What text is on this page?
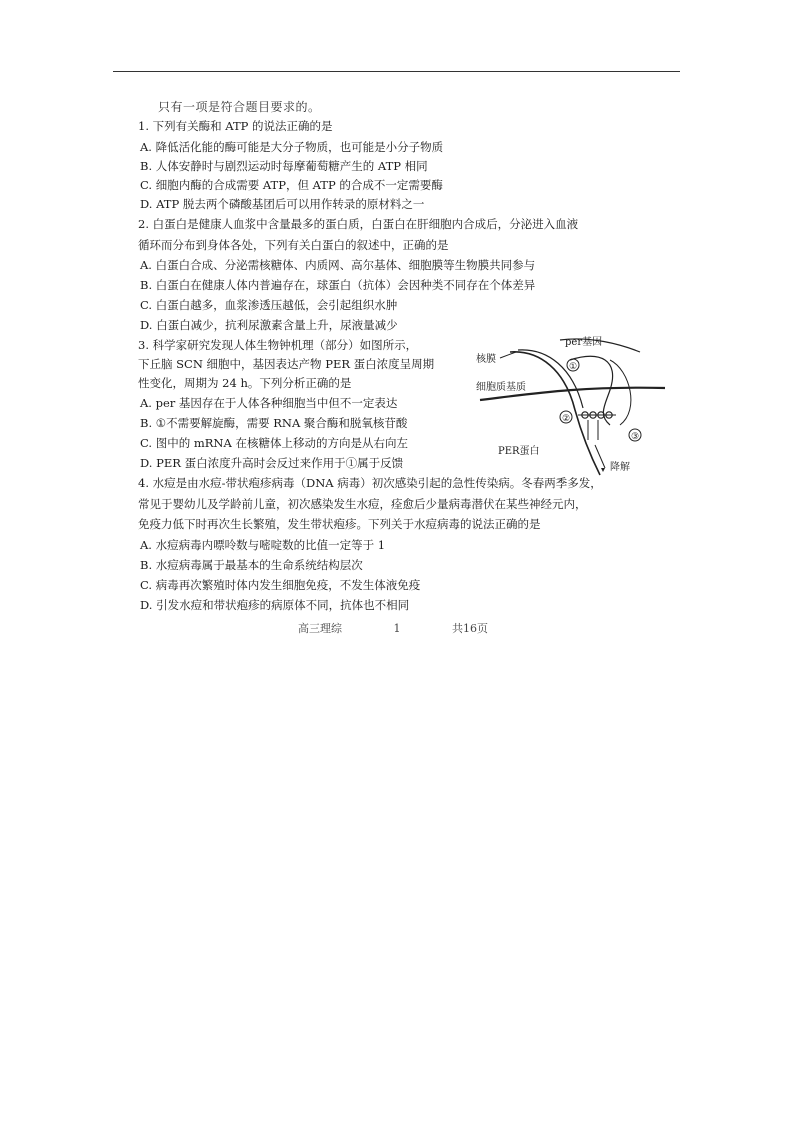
只有一项是符合题目要求的。
1. 下列有关酶和 ATP 的说法正确的是
A. 降低活化能的酶可能是大分子物质，也可能是小分子物质
B. 人体安静时与剧烈运动时每摩葡萄糖产生的 ATP 相同
C. 细胞内酶的合成需要 ATP，但 ATP 的合成不一定需要酶
D. ATP 脱去两个磷酸基团后可以用作转录的原材料之一
2. 白蛋白是健康人血浆中含量最多的蛋白质，白蛋白在肝细胞内合成后，分泌进入血液
循环而分布到身体各处，下列有关白蛋白的叙述中，正确的是
A. 白蛋白合成、分泌需核糖体、内质网、高尔基体、细胞膜等生物膜共同参与
B. 白蛋白在健康人体内普遍存在，球蛋白（抗体）会因种类不同存在个体差异
C. 白蛋白越多，血浆渗透压越低，会引起组织水肿
D. 白蛋白减少，抗利尿激素含量上升，尿液量减少
3. 科学家研究发现人体生物钟机理（部分）如图所示，
下丘脑 SCN 细胞中，基因表达产物 PER 蛋白浓度呈周期
性变化，周期为 24 h。下列分析正确的是
A. per 基因存在于人体各种细胞当中但不一定表达
B. ①不需要解旋酶，需要 RNA 聚合酶和脱氧核苷酸
C. 图中的 mRNA 在核糖体上移动的方向是从右向左
D. PER 蛋白浓度升高时会反过来作用于①属于反馈
per基因
核膜
细胞质基质
PER蛋白
降解
①
②
③
4. 水痘是由水痘-带状疱疹病毒（DNA 病毒）初次感染引起的急性传染病。冬春两季多发，
常见于婴幼儿及学龄前儿童，初次感染发生水痘，痊愈后少量病毒潜伏在某些神经元内，
免疫力低下时再次生长繁殖，发生带状疱疹。下列关于水痘病毒的说法正确的是
A. 水痘病毒内嘌呤数与嘧啶数的比值一定等于 1
B. 水痘病毒属于最基本的生命系统结构层次
C. 病毒再次繁殖时体内发生细胞免疫，不发生体液免疫
D. 引发水痘和带状疱疹的病原体不同，抗体也不相同
高三理综	1	共16页
